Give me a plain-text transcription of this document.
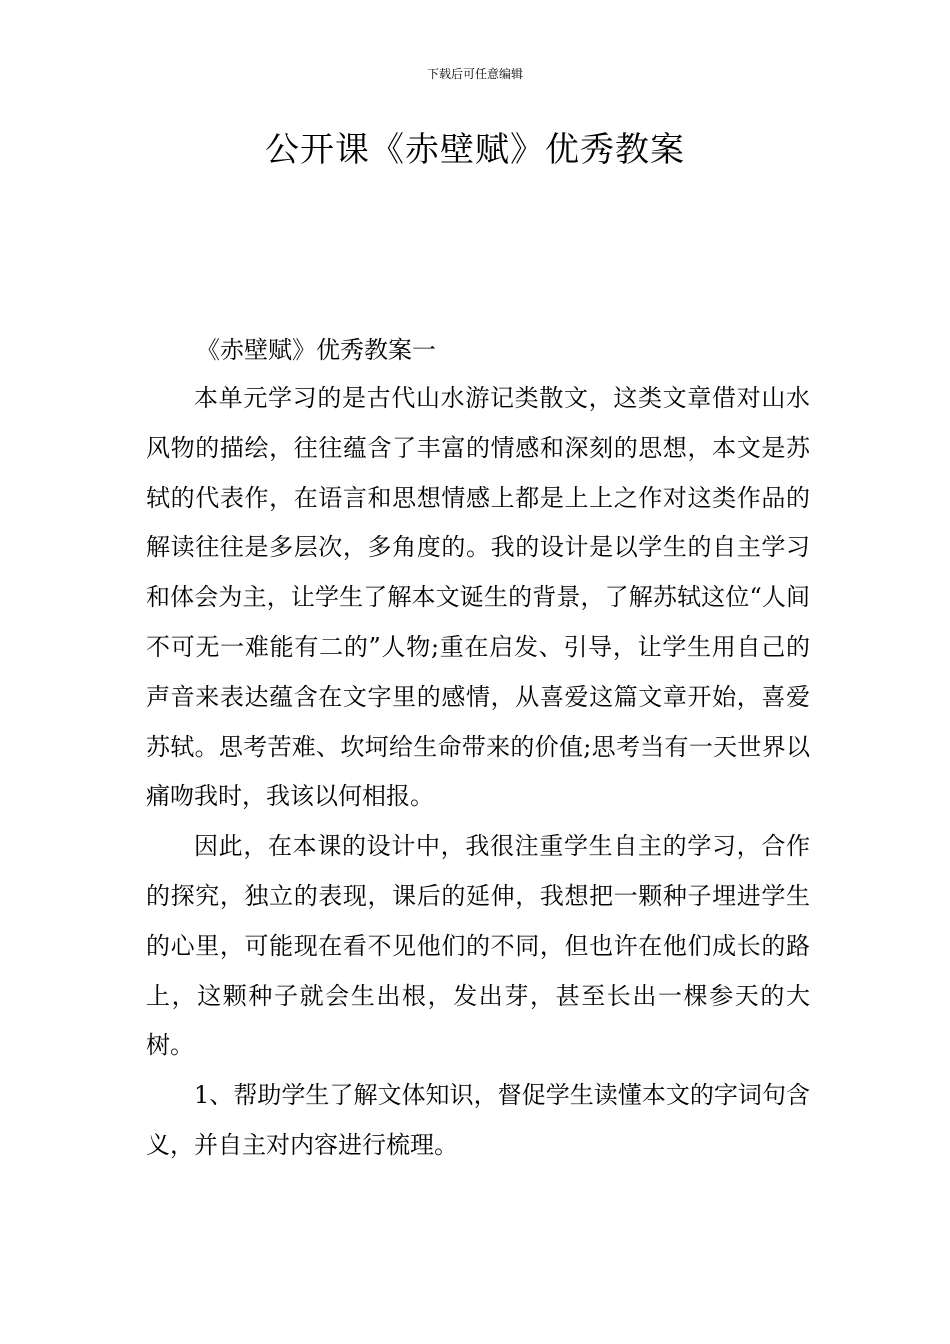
下载后可任意编辑
公开课《赤壁赋》优秀教案
《赤壁赋》优秀教案一

本单元学习的是古代山水游记类散文，这类文章借对山水风物的描绘，往往蕴含了丰富的情感和深刻的思想，本文是苏轼的代表作，在语言和思想情感上都是上上之作对这类作品的解读往往是多层次，多角度的。我的设计是以学生的自主学习和体会为主，让学生了解本文诞生的背景，了解苏轼这位“人间不可无一难能有二的”人物;重在启发、引导，让学生用自己的声音来表达蕴含在文字里的感情，从喜爱这篇文章开始，喜爱苏轼。思考苦难、坎坷给生命带来的价值;思考当有一天世界以痛吻我时，我该以何相报。

因此，在本课的设计中，我很注重学生自主的学习，合作的探究，独立的表现，课后的延伸，我想把一颗种子埋进学生的心里，可能现在看不见他们的不同，但也许在他们成长的路上，这颗种子就会生出根，发出芽，甚至长出一棵参天的大树。

1、帮助学生了解文体知识，督促学生读懂本文的字词句含义，并自主对内容进行梳理。
